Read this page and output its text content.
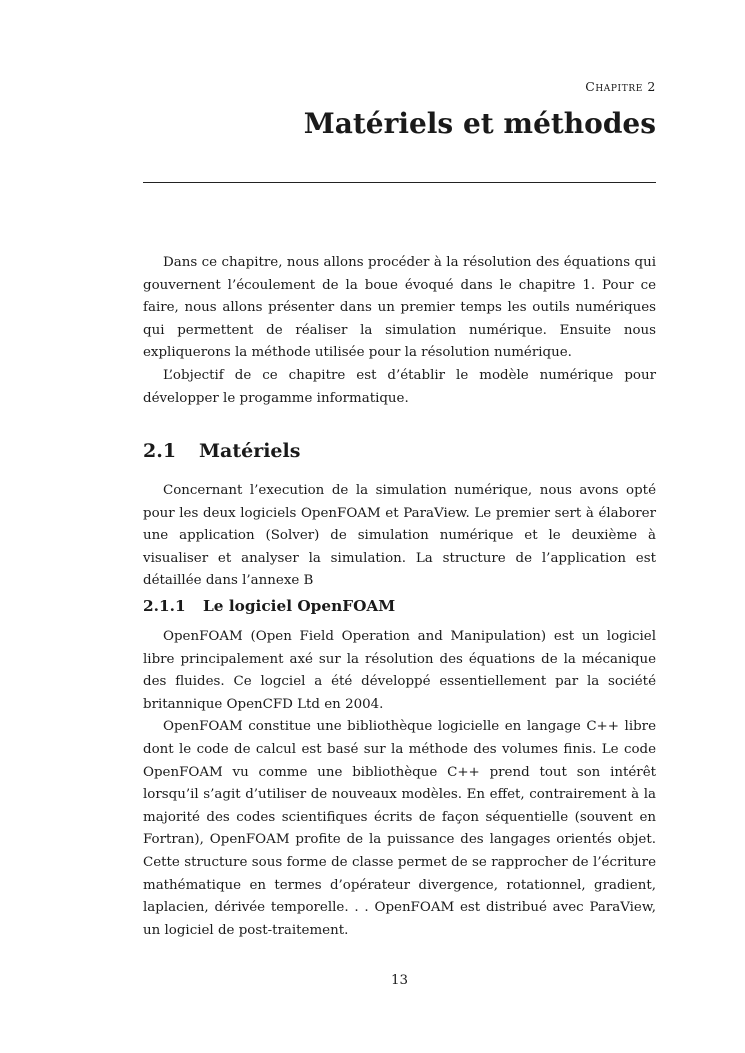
Chapitre 2
Matériels et méthodes

Dans ce chapitre, nous allons procéder à la résolution des équations qui gouvernent l’écoulement de la boue évoqué dans le chapitre 1. Pour ce faire, nous allons présenter dans un premier temps les outils numériques qui permettent de réaliser la simulation numérique. Ensuite nous expliquerons la méthode utilisée pour la résolution numérique.

L’objectif de ce chapitre est d’établir le modèle numérique pour développer le progamme informatique.

2.1 Matériels

Concernant l’execution de la simulation numérique, nous avons opté pour les deux logiciels OpenFOAM et ParaView. Le premier sert à élaborer une application (Solver) de simulation numérique et le deuxième à visualiser et analyser la simulation. La structure de l’application est détaillée dans l’annexe B

2.1.1 Le logiciel OpenFOAM

OpenFOAM (Open Field Operation and Manipulation) est un logiciel libre principalement axé sur la résolution des équations de la mécanique des fluides. Ce logciel a été développé essentiellement par la société britannique OpenCFD Ltd en 2004.

OpenFOAM constitue une bibliothèque logicielle en langage C++ libre dont le code de calcul est basé sur la méthode des volumes finis. Le code OpenFOAM vu comme une bibliothèque C++ prend tout son intérêt lorsqu’il s’agit d’utiliser de nouveaux modèles. En effet, contrairement à la majorité des codes scientifiques écrits de façon séquentielle (souvent en Fortran), OpenFOAM profite de la puissance des langages orientés objet. Cette structure sous forme de classe permet de se rapprocher de l’écriture mathématique en termes d’opérateur divergence, rotationnel, gradient, laplacien, dérivée temporelle. . . OpenFOAM est distribué avec ParaView, un logiciel de post-traitement.

13
